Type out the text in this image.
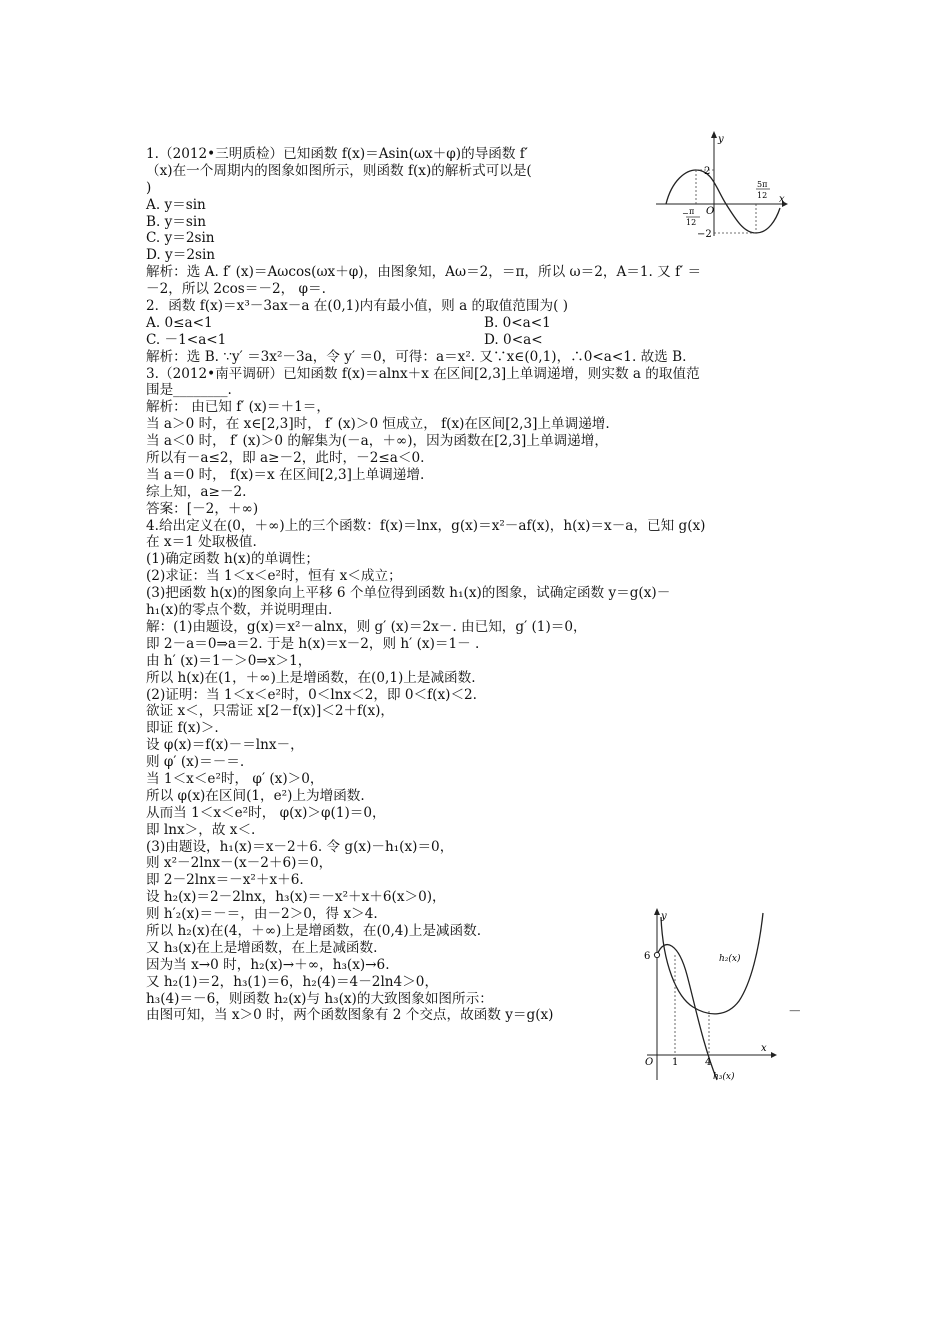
1.（2012•三明质检）已知函数 f(x)＝Asin(ωx＋φ)的导函数 f′
（x)在一个周期内的图象如图所示，则函数 f(x)的解析式可以是(
)
A. y＝sin
B. y＝sin
C. y＝2sin
D. y＝2sin
解析：选 A. f′ (x)＝Aωcos(ωx＋φ)，由图象知，Aω＝2，＝π，所以 ω＝2，A＝1. 又 f′ ＝
－2，所以 2cos＝－2， φ＝.
2．函数 f(x)＝x³－3ax－a 在(0,1)内有最小值，则 a 的取值范围为( )
A. 0≤a<1	B. 0<a<1
C. －1<a<1	D. 0<a<
解析：选 B. ∵y′ ＝3x²－3a，令 y′ ＝0，可得：a＝x². 又∵x∈(0,1)，∴0<a<1. 故选 B.
3.（2012•南平调研）已知函数 f(x)＝alnx＋x 在区间[2,3]上单调递增，则实数 a 的取值范
围是________.
解析： 由已知 f′ (x)＝＋1＝，
当 a＞0 时，在 x∈[2,3]时， f′ (x)＞0 恒成立， f(x)在区间[2,3]上单调递增.
当 a＜0 时， f′ (x)＞0 的解集为(－a，＋∞)，因为函数在[2,3]上单调递增，
所以有－a≤2，即 a≥－2，此时，－2≤a＜0.
当 a＝0 时， f(x)＝x 在区间[2,3]上单调递增.
综上知，a≥－2.
答案：[－2，＋∞)
4.给出定义在(0，＋∞)上的三个函数：f(x)＝lnx，g(x)＝x²－af(x)，h(x)＝x－a，已知 g(x)
在 x＝1 处取极值.
(1)确定函数 h(x)的单调性；
(2)求证：当 1＜x＜e²时，恒有 x＜成立；
(3)把函数 h(x)的图象向上平移 6 个单位得到函数 h₁(x)的图象，试确定函数 y＝g(x)－
h₁(x)的零点个数，并说明理由.
解：(1)由题设，g(x)＝x²－alnx，则 g′ (x)＝2x－. 由已知，g′ (1)＝0，
即 2－a＝0⇒a＝2. 于是 h(x)＝x－2，则 h′ (x)＝1－ .
由 h′ (x)＝1－＞0⇒x＞1，
所以 h(x)在(1，＋∞)上是增函数，在(0,1)上是减函数.
(2)证明：当 1＜x＜e²时，0＜lnx＜2，即 0＜f(x)＜2.
欲证 x＜，只需证 x[2－f(x)]＜2＋f(x)，
即证 f(x)＞.
设 φ(x)＝f(x)－＝lnx－，
则 φ′ (x)＝－＝.
当 1＜x＜e²时， φ′ (x)＞0，
所以 φ(x)在区间(1，e²)上为增函数.
从而当 1＜x＜e²时， φ(x)＞φ(1)＝0，
即 lnx＞，故 x＜.
(3)由题设，h₁(x)＝x－2＋6. 令 g(x)－h₁(x)＝0，
则 x²－2lnx－(x－2＋6)＝0，
即 2－2lnx＝－x²＋x＋6.
设 h₂(x)＝2－2lnx，h₃(x)＝－x²＋x＋6(x＞0)，
则 h′₂(x)＝－＝，由－2＞0，得 x＞4.
所以 h₂(x)在(4，＋∞)上是增函数，在(0,4)上是减函数.
又 h₃(x)在上是增函数，在上是减函数.
因为当 x→0 时，h₂(x)→＋∞，h₃(x)→6.
又 h₂(1)＝2，h₃(1)＝6，h₂(4)＝4－2ln4＞0，
h₃(4)＝－6，则函数 h₂(x)与 h₃(x)的大致图象如图所示：
由图可知，当 x＞0 时，两个函数图象有 2 个交点，故函数 y＝g(x)
y
x
O
2
−2
− π
12
5π
12
y
x
O
6
1	4
h₂(x)
h₃(x)
－
